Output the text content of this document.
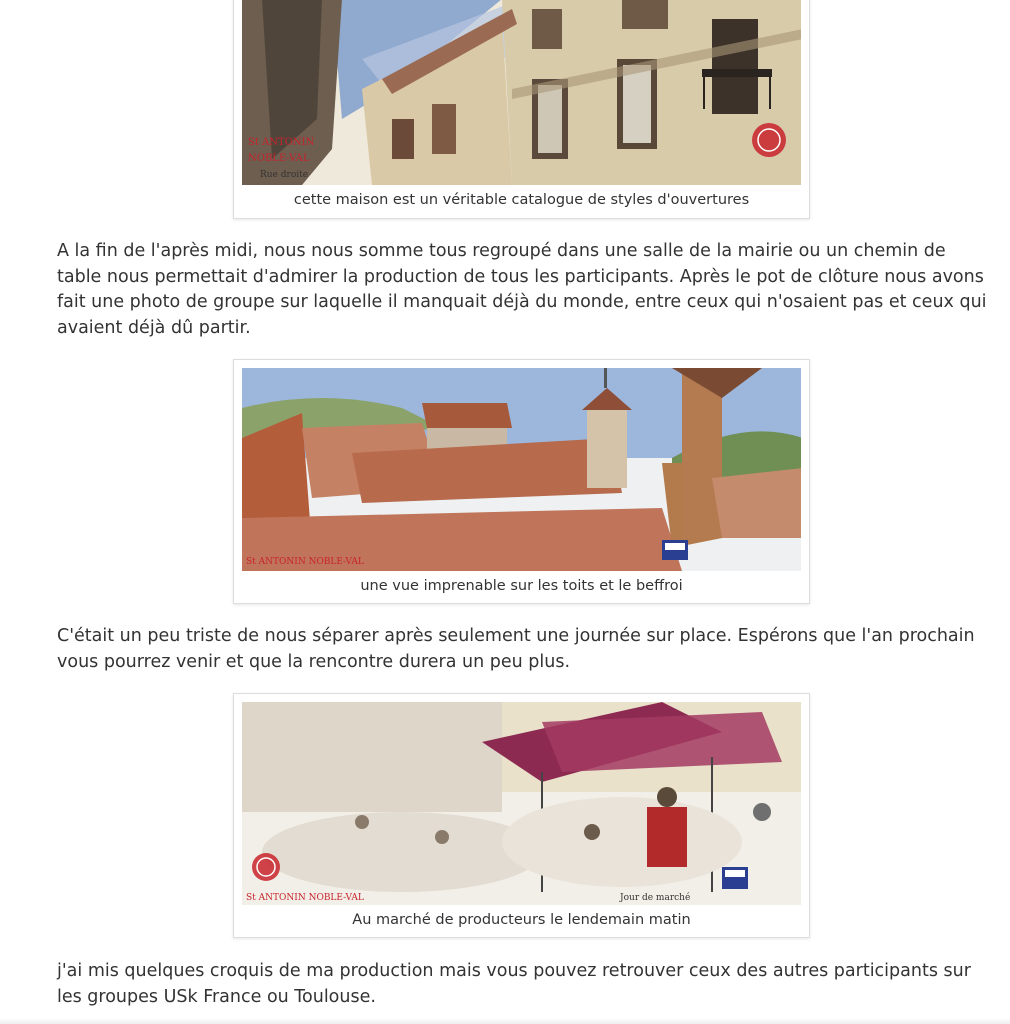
St ANTONIN
NOBLE-VAL
Rue droite
cette maison est un véritable catalogue de styles d'ouvertures

A la fin de l'après midi, nous nous somme tous regroupé dans une salle de la mairie ou un chemin de table nous permettait d'admirer la production de tous les participants. Après le pot de clôture nous avons fait une photo de groupe sur laquelle il manquait déjà du monde, entre ceux qui n'osaient pas et ceux qui avaient déjà dû partir.

St ANTONIN NOBLE-VAL
une vue imprenable sur les toits et le beffroi

C'était un peu triste de nous séparer après seulement une journée sur place. Espérons que l'an prochain vous pourrez venir et que la rencontre durera un peu plus.

St ANTONIN NOBLE-VAL	Jour de marché
Au marché de producteurs le lendemain matin

j'ai mis quelques croquis de ma production mais vous pouvez retrouver ceux des autres participants sur les groupes USk France ou Toulouse.
